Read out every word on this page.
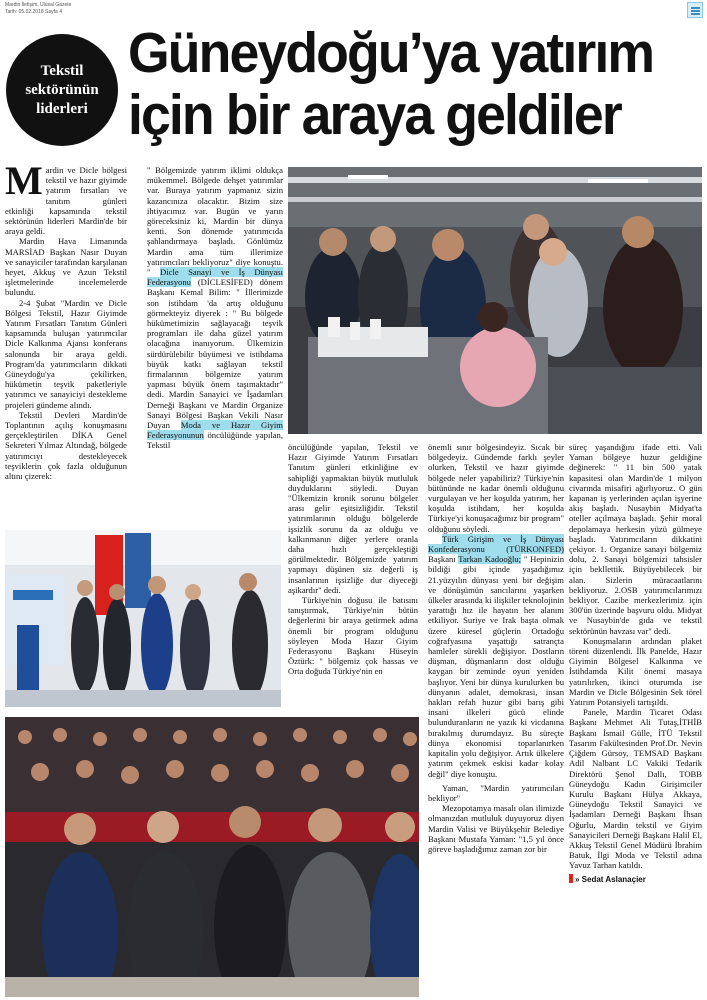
Mardin İletişim, Ulusal Gazete
Tarih: 05.02.2018 Sayfa 4
Tekstil
sektörünün
liderleri
Güneydoğu’ya yatırım
için bir araya geldiler

Mardin ve Dicle bölgesi tekstil ve hazır giyimde yatırım fırsatları ve tanıtım günleri etkinliği kapsamında tekstil sektörünün liderleri Mardin'de bir araya geldi.

Mardin Hava Limanında MARSİAD Başkan Nasır Duyan ve sanayiciler tarafından karşılanan heyet, Akkuş ve Azun Tekstil işletmelerinde incelemelerde bulundu.

2-4 Şubat "Mardin ve Dicle Bölgesi Tekstil, Hazır Giyimde Yatırım Fırsatları Tanıtım Günleri kapsamında buluşan yatırımcılar Dicle Kalkınma Ajansı konferans salonunda bir araya geldi. Program'da yatırımcıların dikkati Güneydoğu'ya çekilirken, hükümetin teşvik paketleriyle yatırımcı ve sanayiciyi destekleme projeleri gündeme alındı.

Tekstil Devleri Mardin'de Toplantının açılış konuşmasını gerçekleştirilen DİKA Genel Sekreteri Yılmaz Altındağ, bölgede yatırımcıyı destekleyecek teşviklerin çok fazla olduğunun altını çizerek:

" Bölgemizde yatırım iklimi oldukça mükemmel. Bölgede dehşet yatırımlar var. Buraya yatırım yapmanız sizin kazancınıza olacaktır. Bizim size ihtiyacımız var. Bugün ve yarın göreceksiniz ki, Mardin bir dünya kenti. Son dönemde yatırımcıda şahlandırmaya başladı. Gönlümüz Mardin ama tüm illerimize yatırımcıları bekliyoruz" diye konuştu. " Dicle Sanayi ve İş Dünyası Federasyonu (DİCLESİFED) dönem Başkanı Kemal Bilim: " İllerimizde son istihdam 'da artış olduğunu görmekteyiz diyerek : " Bu bölgede hükümetimizin sağlayacağı teşvik programları ile daha güzel yatırım olacağına inanıyorum. Ülkemizin sürdürülebilir büyümesi ve istihdama büyük katkı sağlayan tekstil firmalarının bölgemize yatırım yapması büyük önem taşımaktadır" dedi. Mardin Sanayici ve İşadamları Derneği Başkanı ve Mardin Organize Sanayi Bölgesi Başkan Vekili Nasır Duyan Moda ve Hazır Giyim Federasyonunun öncülüğünde yapılan, Tekstil	öncülüğünde yapılan, Tekstil ve Hazır Giyimde Yatırım Fırsatları Tanıtım günleri etkinliğine ev sahipliği yapmaktan büyük mutluluk duyduklarını söyledi. Duyan "Ülkemizin kronik sorunu bölgeler arası gelir eşitsizliğidir. Tekstil yatırımlarının olduğu bölgelerde işsizlik sorunu da az olduğu ve kalkınmanın diğer yerlere oranla daha hızlı gerçekleştiği görülmektedir. Bölgemizde yatırım yapmayı düşünen siz değerli iş insanlarının işsizliğe dur diyeceği aşikardır" dedi.

Türkiye'nin doğusu ile batısını tanıştırmak, Türkiye'nin bütün değerlerini bir araya getirmek adına önemli bir program olduğunu söyleyen Moda Hazır Giyim Federasyonu Başkanı Hüseyin Öztürk: " bölgemiz çok hassas ve Orta doğuda Türkiye'nin en

önemli sınır bölgesindeyiz. Sıcak bir bölgedeyiz. Gündemde farklı şeyler olurken, Tekstil ve hazır giyimde bölgede neler yapabiliriz? Türkiye'nin bütününde ne kadar önemli olduğunu vurgulayan ve her koşulda yatırım, her koşulda istihdam, her koşulda Türkiye'yi konuşacağımız bir program" olduğunu söyledi.

Türk Girişim ve İş Dünyası Konfederasyonu (TÜRKONFED) Başkanı Tarkan Kadooğlu; " Hepinizin bildiği gibi içinde yaşadığımız 21.yüzyılın dünyası yeni bir değişim ve dönüşümün sancılarını yaşarken ülkeler arasında ki ilişkiler teknolojinin yarattığı hız ile hayatın her alanını etkiliyor. Suriye ve Irak başta olmak üzere küresel güçlerin Ortadoğu coğrafyasına yaşattığı satrançta hamleler sürekli değişiyor. Dostların düşman, düşmanların dost olduğu kaygan bir zeminde oyun yeniden başlıyor. Yeni bir dünya kurulurken bu dünyanın adalet, demokrasi, insan hakları refah huzur gibi barış gibi insani ilkeleri gücü elinde bulunduranların ne yazık ki vicdanına bırakılmış durumdayız. Bu süreçte dünya ekonomisi toparlanırken kapitalin yolu değişiyor. Artık ülkelere yatırım çekmek eskisi kadar kolay değil" diye konuştu.

Yaman, "Mardin yatırımcıları bekliyor"

Mezopotamya masalı olan ilimizde olmanızdan mutluluk duyuyoruz diyen Mardin Valisi ve Büyükşehir Belediye Başkanı Mustafa Yaman: "1,5 yıl önce göreve başladığımız zaman zor bir

süreç yaşandığını ifade etti. Vali Yaman bölgeye huzur geldiğine değinerek: " 11 bin 500 yatak kapasitesi olan Mardin'de 1 milyon civarında misafiri ağırlıyoruz. O gün kapanan iş yerlerinden açılan işyerine akış başladı. Nusaybin Midyat'ta oteller açılmaya başladı. Şehir moral depolamaya herkesin yüzü gülmeye başladı. Yatırımcıların dikkatini çekiyor. 1. Organize sanayi bölgemiz dolu, 2. Sanayi bölgemizi tahsisler için bekllettik. Büyüyebilecek bir alan. Sizlerin müracaatlarını bekliyoruz. 2.OSB yatırımcılarımızı bekliyor. Cazibe merkezlerimiz için 300'ün üzerinde başvuru oldu. Midyat ve Nusaybin'de gıda ve tekstil sektörünün havzası var" dedi.

Konuşmaların ardından plaket töreni düzenlendi. İlk Panelde, Hazır Giyimin Bölgesel Kalkınma ve İstihdamda Kilit önemi masaya yatırılırken, ikinci oturumda ise Mardin ve Dicle Bölgesinin Sek törel Yatırım Potansiyeli tartışıldı.

Panele, Mardin Ticaret Odası Başkanı Mehmet Ali Tutaş,İTHİB Başkanı İsmail Gülle, İTÜ Tekstil Tasarım Fakültesinden Prof.Dr. Nevin Çiğdem Gürsoy, TEMSAD Başkanı Adil Nalbant LC Vakiki Tedarik Direktörü Şenol Dallı, TOBB Güneydoğu Kadın Girişimciler Kurulu Başkanı Hülya Akkaya, Güneydoğu Tekstil Sanayici ve İşadamları Derneği Başkanı İhsan Oğurlu, Mardin tekstil ve Giyim Sanayicileri Derneği Başkanı Halil El, Akkuş Tekstil Genel Müdürü İbrahim Batuk, İlgi Moda ve Tekstil adına Yavuz Tarhan katıldı.

» Sedat Aslanaçier
